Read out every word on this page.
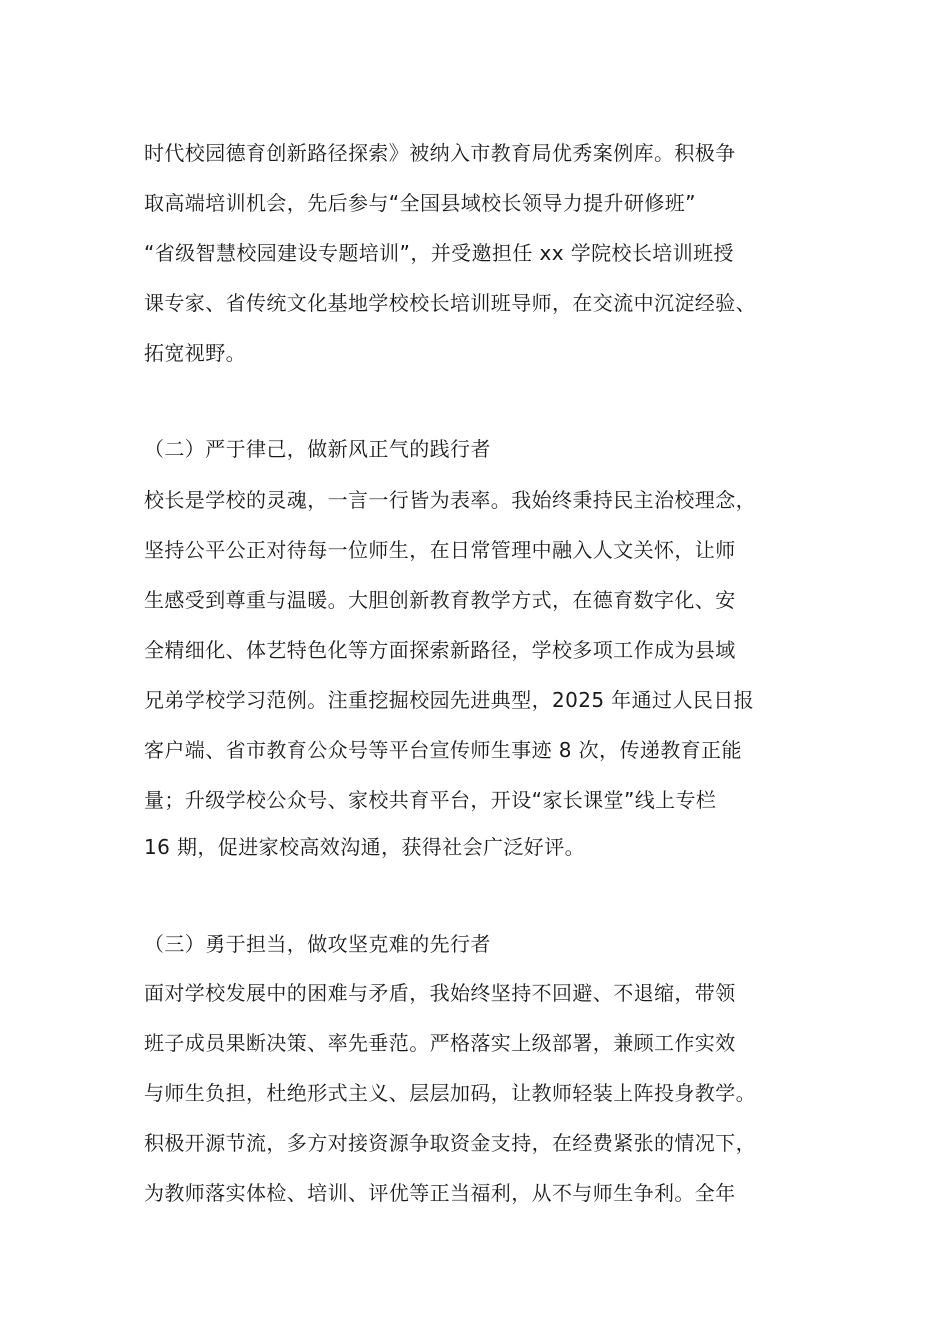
时代校园德育创新路径探索》被纳入市教育局优秀案例库。积极争
取高端培训机会，先后参与“全国县域校长领导力提升研修班”
“省级智慧校园建设专题培训”，并受邀担任 xx 学院校长培训班授
课专家、省传统文化基地学校校长培训班导师，在交流中沉淀经验、
拓宽视野。
（二）严于律己，做新风正气的践行者
校长是学校的灵魂，一言一行皆为表率。我始终秉持民主治校理念，
坚持公平公正对待每一位师生，在日常管理中融入人文关怀，让师
生感受到尊重与温暖。大胆创新教育教学方式，在德育数字化、安
全精细化、体艺特色化等方面探索新路径，学校多项工作成为县域
兄弟学校学习范例。注重挖掘校园先进典型，2025 年通过人民日报
客户端、省市教育公众号等平台宣传师生事迹 8 次，传递教育正能
量；升级学校公众号、家校共育平台，开设“家长课堂”线上专栏
16 期，促进家校高效沟通，获得社会广泛好评。
（三）勇于担当，做攻坚克难的先行者
面对学校发展中的困难与矛盾，我始终坚持不回避、不退缩，带领
班子成员果断决策、率先垂范。严格落实上级部署，兼顾工作实效
与师生负担，杜绝形式主义、层层加码，让教师轻装上阵投身教学。
积极开源节流，多方对接资源争取资金支持，在经费紧张的情况下，
为教师落实体检、培训、评优等正当福利，从不与师生争利。全年
